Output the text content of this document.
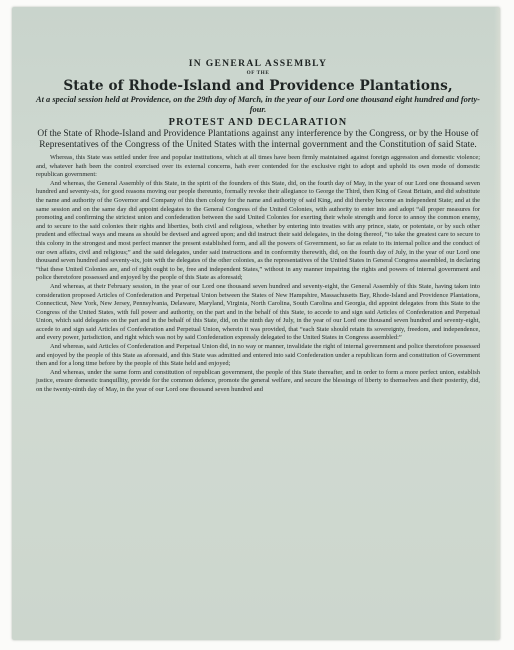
IN GENERAL ASSEMBLY
OF THE
State of Rhode-Island and Providence Plantations,
At a special session held at Providence, on the 29th day of March, in the year of our Lord one thousand eight hundred and forty-four.
PROTEST AND DECLARATION
Of the State of Rhode-Island and Providence Plantations against any interference by the Congress, or by the House of Representatives of the Congress of the United States with the internal government and the Constitution of said State.

Whereas, this State was settled under free and popular institutions, which at all times have been firmly maintained against foreign aggression and domestic violence; and, whatever hath been the control exercised over its external concerns, hath ever contended for the exclusive right to adopt and uphold its own mode of domestic republican government:

And whereas, the General Assembly of this State, in the spirit of the founders of this State, did, on the fourth day of May, in the year of our Lord one thousand seven hundred and seventy-six, for good reasons moving our people thereunto, formally revoke their allegiance to George the Third, then King of Great Britain, and did substitute the name and authority of the Governor and Company of this then colony for the name and authority of said King, and did thereby become an independent State; and at the same session and on the same day did appoint delegates to the General Congress of the United Colonies, with authority to enter into and adopt “all proper measures for promoting and confirming the strictest union and confederation between the said United Colonies for exerting their whole strength and force to annoy the common enemy, and to secure to the said colonies their rights and liberties, both civil and religious, whether by entering into treaties with any prince, state, or potentate, or by such other prudent and effectual ways and means as should be devised and agreed upon; and did instruct their said delegates, in the doing thereof, “to take the greatest care to secure to this colony in the strongest and most perfect manner the present established form, and all the powers of Government, so far as relate to its internal police and the conduct of our own affairs, civil and religious;” and the said delegates, under said instructions and in conformity therewith, did, on the fourth day of July, in the year of our Lord one thousand seven hundred and seventy-six, join with the delegates of the other colonies, as the representatives of the United States in General Congress assembled, in declaring “that these United Colonies are, and of right ought to be, free and independent States,” without in any manner impairing the rights and powers of internal government and police theretofore possessed and enjoyed by the people of this State as aforesaid;

And whereas, at their February session, in the year of our Lord one thousand seven hundred and seventy-eight, the General Assembly of this State, having taken into consideration proposed Articles of Confederation and Perpetual Union between the States of New Hampshire, Massachusetts Bay, Rhode-Island and Providence Plantations, Connecticut, New York, New Jersey, Pennsylvania, Delaware, Maryland, Virginia, North Carolina, South Carolina and Georgia, did appoint delegates from this State to the Congress of the United States, with full power and authority, on the part and in the behalf of this State, to accede to and sign said Articles of Confederation and Perpetual Union, which said delegates on the part and in the behalf of this State, did, on the ninth day of July, in the year of our Lord one thousand seven hundred and seventy-eight, accede to and sign said Articles of Confederation and Perpetual Union, wherein it was provided, that “each State should retain its sovereignty, freedom, and independence, and every power, jurisdiction, and right which was not by said Confederation expressly delegated to the United States in Congress assembled:”

And whereas, said Articles of Confederation and Perpetual Union did, in no way or manner, invalidate the right of internal government and police theretofore possessed and enjoyed by the people of this State as aforesaid, and this State was admitted and entered into said Confederation under a republican form and constitution of Government then and for a long time before by the people of this State held and enjoyed;

And whereas, under the same form and constitution of republican government, the people of this State thereafter, and in order to form a more perfect union, establish justice, ensure domestic tranquillity, provide for the common defence, promote the general welfare, and secure the blessings of liberty to themselves and their posterity, did, on the twenty-ninth day of May, in the year of our Lord one thousand seven hundred and
